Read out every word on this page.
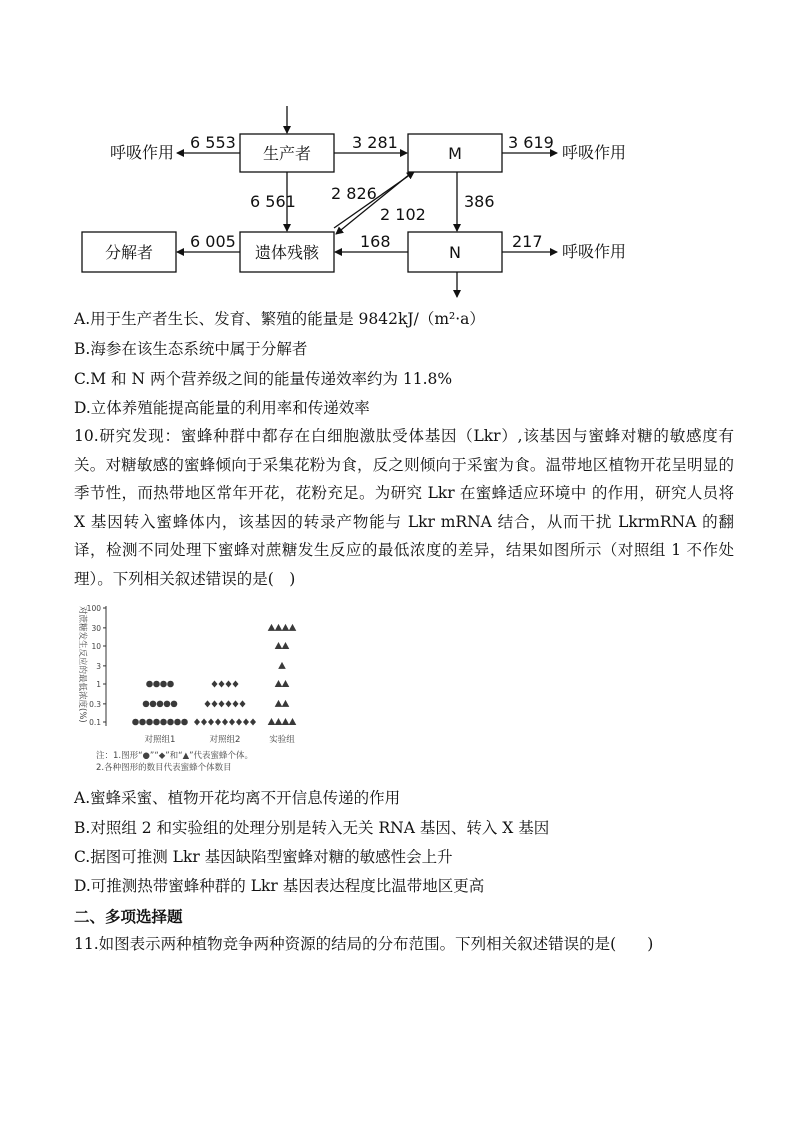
生产者	M
遗体残骸	N
分解者
呼吸作用	呼吸作用
呼吸作用
6 553	3 281	3 619
6 561 2 826
2 102
386
6 005	168	217
A.用于生产者生长、发育、繁殖的能量是 9842kJ/（m²·a）
B.海参在该生态系统中属于分解者
C.M 和 N 两个营养级之间的能量传递效率约为 11.8%
D.立体养殖能提高能量的利用率和传递效率
10.研究发现：蜜蜂种群中都存在白细胞激肽受体基因（Lkr）,该基因与蜜蜂对糖的敏感度有关。对糖敏感的蜜蜂倾向于采集花粉为食，反之则倾向于采蜜为食。温带地区植物开花呈明显的季节性，而热带地区常年开花，花粉充足。为研究 Lkr 在蜜蜂适应环境中 的作用，研究人员将 X 基因转入蜜蜂体内，该基因的转录产物能与 Lkr mRNA 结合，从而干扰 LkrmRNA 的翻译，检测不同处理下蜜蜂对蔗糖发生反应的最低浓度的差异，结果如图所示（对照组 1 不作处理）。下列相关叙述错误的是(　)
对蔗糖发生反应的最低浓度(%) 100
30
10
3
1
0.3
0.1
对照组1	对照组2	实验组
注：1.图形“●”“◆”和“▲”代表蜜蜂个体。
2.各种图形的数目代表蜜蜂个体数目
A.蜜蜂采蜜、植物开花均离不开信息传递的作用
B.对照组 2 和实验组的处理分别是转入无关 RNA 基因、转入 X 基因
C.据图可推测 Lkr 基因缺陷型蜜蜂对糖的敏感性会上升
D.可推测热带蜜蜂种群的 Lkr 基因表达程度比温带地区更高
二、多项选择题
11.如图表示两种植物竞争两种资源的结局的分布范围。下列相关叙述错误的是(　　)
